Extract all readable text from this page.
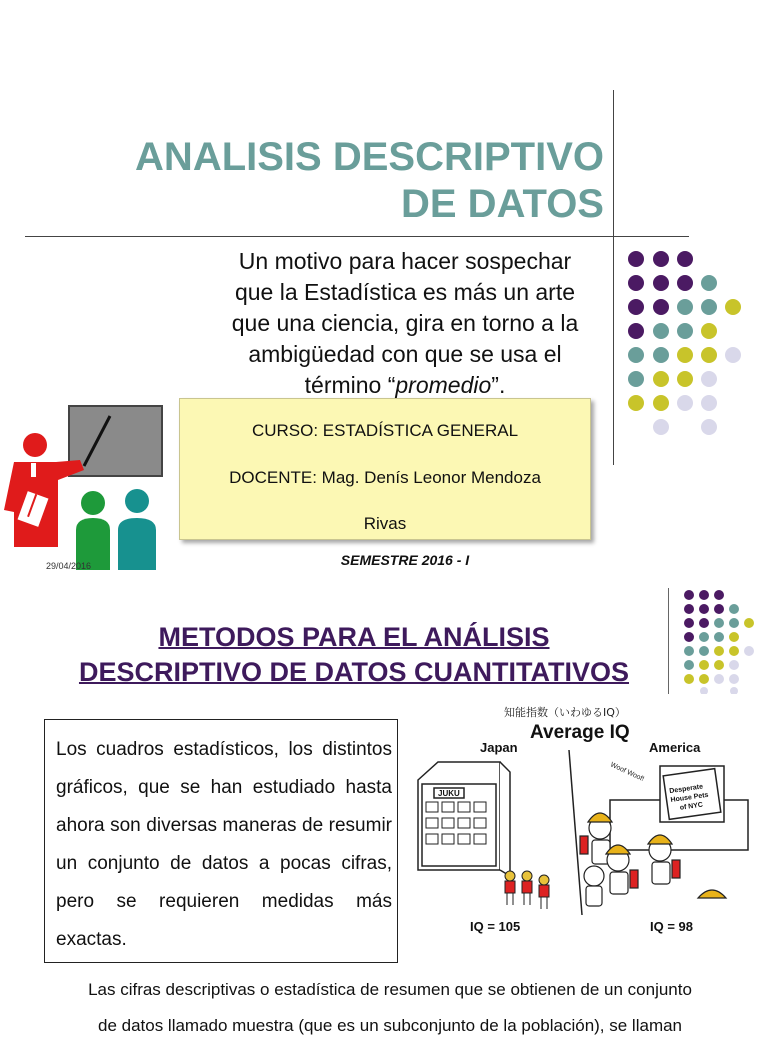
ANALISIS DESCRIPTIVO
DE DATOS
Un motivo para hacer sospechar
que la Estadística es más un arte
que una ciencia, gira en torno a la
ambigüedad con que se usa el
término “promedio”.
CURSO: ESTADÍSTICA GENERAL
DOCENTE: Mag. Denís Leonor Mendoza
Rivas
SEMESTRE 2016 - I
29/04/2016
METODOS PARA EL ANÁLISIS
DESCRIPTIVO DE DATOS CUANTITATIVOS

Los cuadros estadísticos, los distintos gráficos, que se han estudiado hasta ahora son diversas maneras de resumir un conjunto de datos a pocas cifras, pero se requieren medidas más exactas.

知能指数（いわゆるIQ）
Average IQ
Japan	America
JUKU
IQ = 105
Desperate
House Pets
of NYC
Woof Woof!
IQ = 98
Las cifras descriptivas o estadística de resumen que se obtienen de un conjunto
de datos llamado muestra (que es un subconjunto de la población), se llaman
